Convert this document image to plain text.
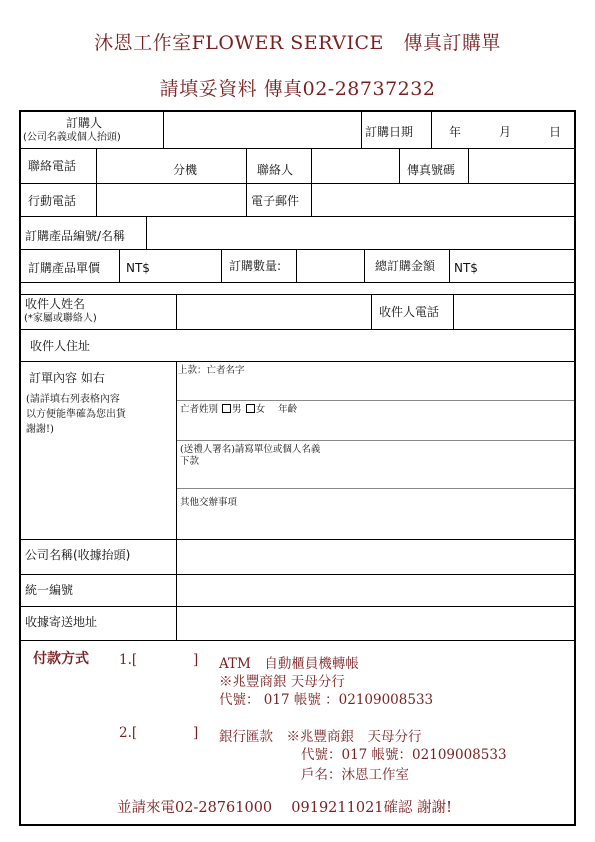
沐恩工作室FLOWER SERVICE　傳真訂購單
請填妥資料 傳真02-28737232
訂購人
(公司名義或個人抬頭)	訂購日期	年	月	日
聯絡電話	分機	聯絡人	傳真號碼
行動電話	電子郵件
訂購產品編號/名稱
訂購產品單價 NT$	訂購數量:	總訂購金額 NT$
收件人姓名
(*家屬或聯絡人)	收件人電話
收件人住址
訂單內容 如右
(請詳填右列表格內容
以方便能準確為您出貨
謝謝!)
上款：亡者名字
亡者姓別 男 女 年齡
(送禮人署名)請寫單位或個人名義
下款
其他交辦事項
公司名稱(收據抬頭)
統一編號
收據寄送地址
付款方式 1.[	] ATM　自動櫃員機轉帳
※兆豐商銀 天母分行
代號： 017 帳號 ：02109008533
2.[	] 銀行匯款　※兆豐商銀　天母分行
代號：017 帳號：02109008533
戶名：沐恩工作室
並請來電02-28761000　 0919211021確認 謝謝!
